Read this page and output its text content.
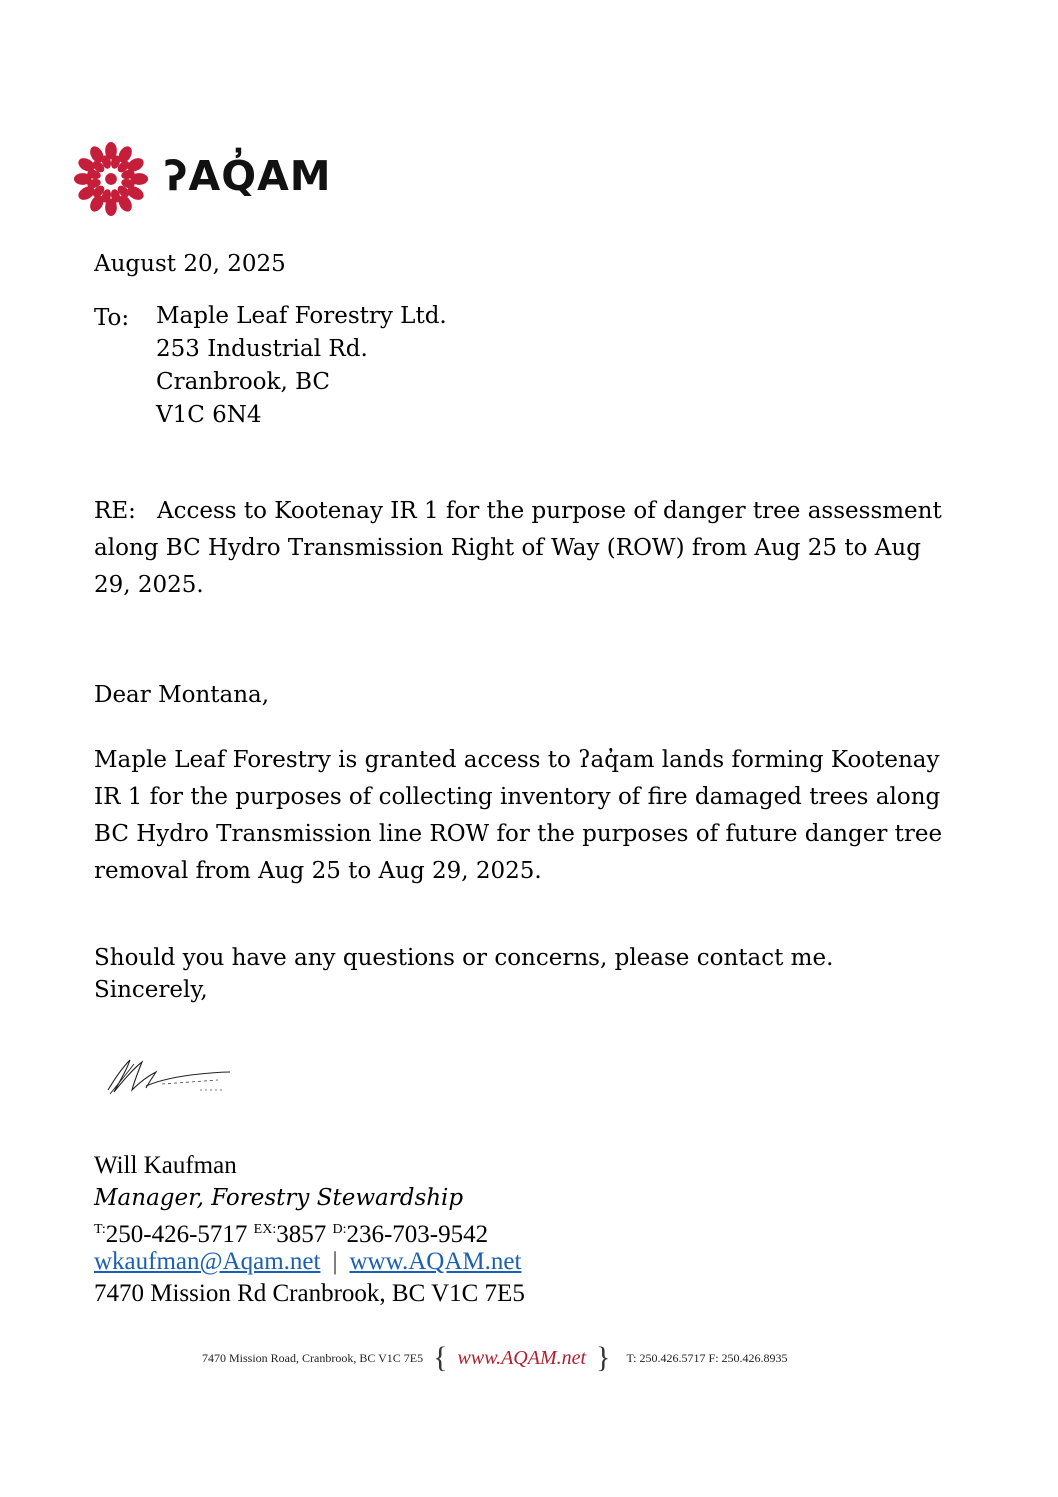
ʔAQ̓AM
August 20, 2025
To: Maple Leaf Forestry Ltd.
253 Industrial Rd.
Cranbrook, BC
V1C 6N4
RE: Access to Kootenay IR 1 for the purpose of danger tree assessment along BC Hydro Transmission Right of Way (ROW) from Aug 25 to Aug 29, 2025.
Dear Montana,
Maple Leaf Forestry is granted access to ʔaq̓am lands forming Kootenay IR 1 for the purposes of collecting inventory of fire damaged trees along BC Hydro Transmission line ROW for the purposes of future danger tree removal from Aug 25 to Aug 29, 2025.
Should you have any questions or concerns, please contact me.
Sincerely,
Will Kaufman
Manager, Forestry Stewardship
$^{T:}$250-426-5717 $^{EX:}$3857 $^{D:}$236-703-9542
wkaufman@Aqam.net | www.AQAM.net
7470 Mission Rd Cranbrook, BC V1C 7E5
7470 Mission Road, Cranbrook, BC V1C 7E5 { www.AQAM.net } T: 250.426.5717 F: 250.426.8935
